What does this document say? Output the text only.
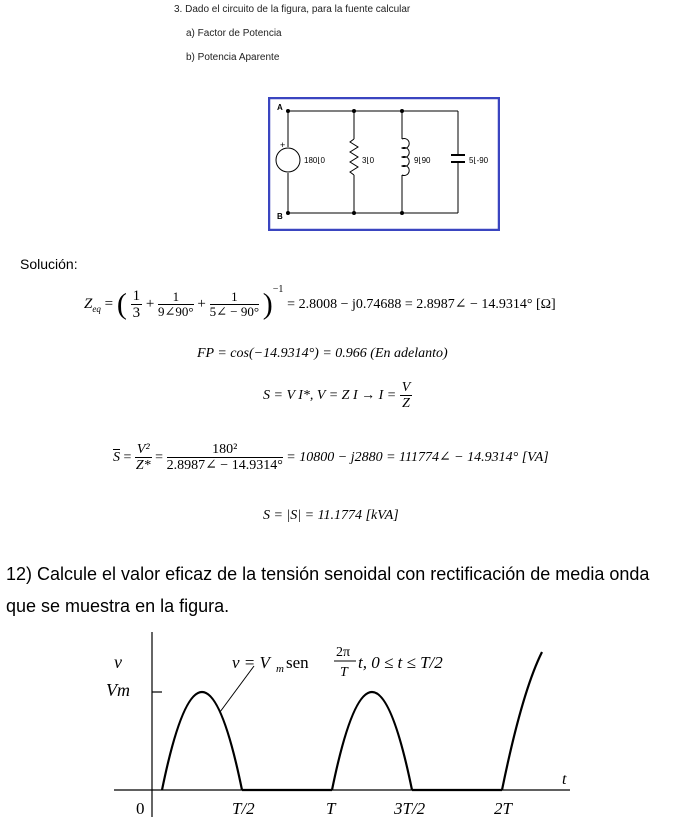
3. Dado el circuito de la figura, para la fuente calcular
a) Factor de Potencia
b) Potencia Aparente
A
B
+
180⌊0	3⌊0	9⌊90	5⌊-90
Solución:
$Z_{eq}$ = ( $\frac{1}{3} + \frac{1}{9\angle 90^\circ} + \frac{1}{5\angle - 90^\circ} )^{-1} = 2.8008 - j0.74688$ = 2.8987∠ − 14.9314° [Ω]
FP = cos(−14.9314°) = 0.966 (En adelanto)
S = V I*, V = Z $I \to I = \frac{V}{Z}$
$\overline{S} = \frac{\text{V²}}{Z*} = \frac{\text{180²}}{2.8987\angle - 14.9314^\circ} = 10800 - j2880$ = 111774∠ − 14.9314° [VA]
S = |S| = 11.1774 [kVA]
12) Calcule el valor eficaz de la tensión senoidal con rectificación de media onda
que se muestra en la figura.
v
Vm
v = V m sen
2π
T
t, 0 ≤ t ≤ T/2
t
0	T/2	T	3T/2	2T
